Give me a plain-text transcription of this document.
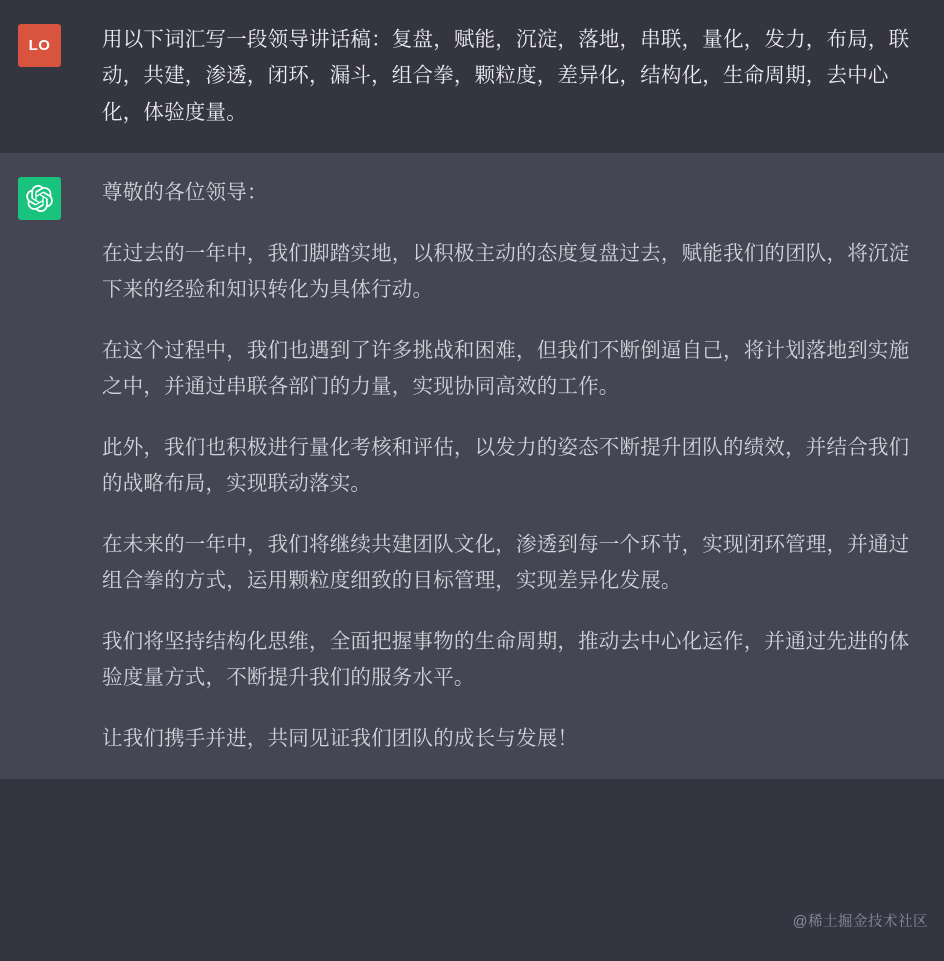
LO	用以下词汇写一段领导讲话稿：复盘，赋能，沉淀，落地，串联，量化，发力，布局，联动，共建，渗透，闭环，漏斗，组合拳，颗粒度，差异化，结构化，生命周期，去中心化，体验度量。

尊敬的各位领导：

在过去的一年中，我们脚踏实地，以积极主动的态度复盘过去，赋能我们的团队，将沉淀下来的经验和知识转化为具体行动。

在这个过程中，我们也遇到了许多挑战和困难，但我们不断倒逼自己，将计划落地到实施之中，并通过串联各部门的力量，实现协同高效的工作。

此外，我们也积极进行量化考核和评估，以发力的姿态不断提升团队的绩效，并结合我们的战略布局，实现联动落实。

在未来的一年中，我们将继续共建团队文化，渗透到每一个环节，实现闭环管理，并通过组合拳的方式，运用颗粒度细致的目标管理，实现差异化发展。

我们将坚持结构化思维，全面把握事物的生命周期，推动去中心化运作，并通过先进的体验度量方式，不断提升我们的服务水平。

让我们携手并进，共同见证我们团队的成长与发展！

@稀土掘金技术社区
